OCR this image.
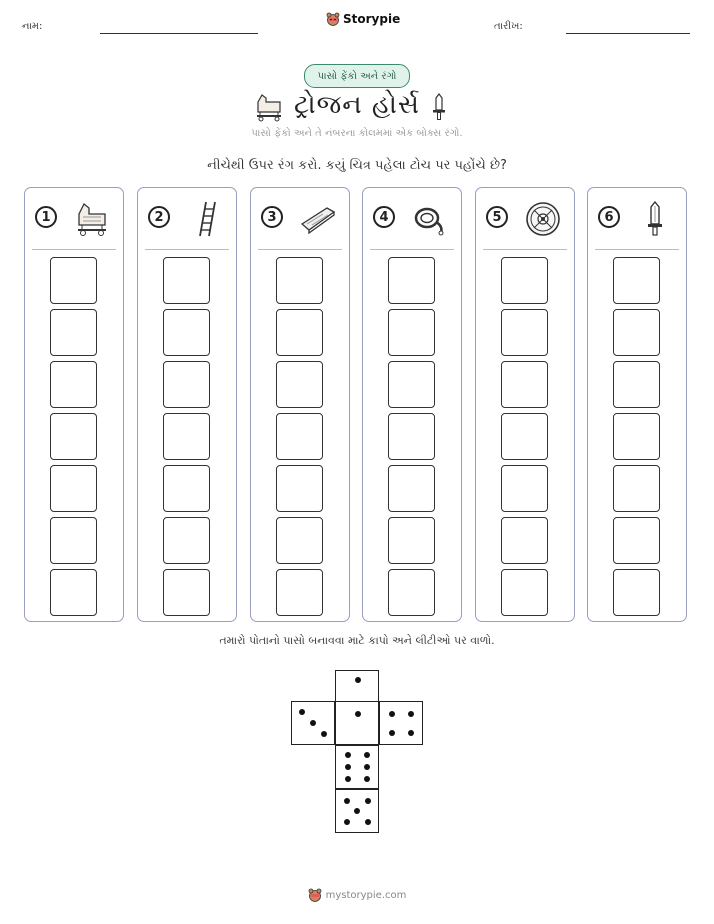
નામ:
Storypie
તારીખ:
પાસો ફેંકો અને રંગો
ટ્રોજન હોર્સ
પાસો ફેંકો અને તે નંબરના કોલમમાં એક બોક્સ રંગો.
નીચેથી ઉપર રંગ કરો. કયું ચિત્ર પહેલા ટોચ પર પહોંચે છે?
1	2	3	4	5	6
તમારો પોતાનો પાસો બનાવવા માટે કાપો અને લીટીઓ પર વાળો.
mystorypie.com
